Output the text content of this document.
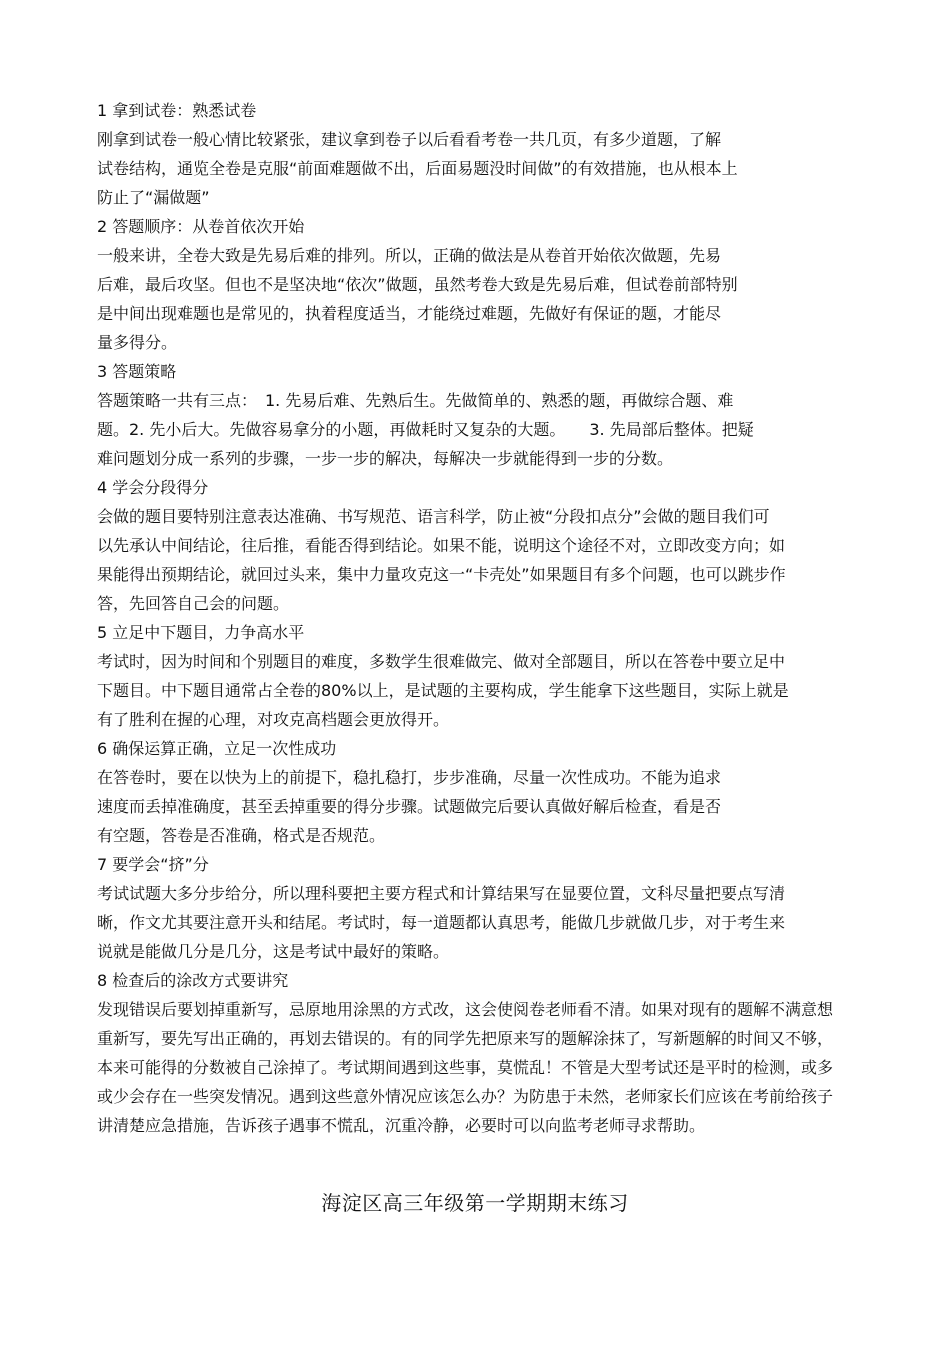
1 拿到试卷：熟悉试卷
刚拿到试卷一般心情比较紧张，建议拿到卷子以后看看考卷一共几页，有多少道题，了解
试卷结构，通览全卷是克服“前面难题做不出，后面易题没时间做”的有效措施，也从根本上
防止了“漏做题”
2 答题顺序：从卷首依次开始
一般来讲，全卷大致是先易后难的排列。所以，正确的做法是从卷首开始依次做题，先易
后难，最后攻坚。但也不是坚决地“依次”做题，虽然考卷大致是先易后难，但试卷前部特别
是中间出现难题也是常见的，执着程度适当，才能绕过难题，先做好有保证的题，才能尽
量多得分。
3 答题策略
答题策略一共有三点：　1. 先易后难、先熟后生。先做简单的、熟悉的题，再做综合题、难
题。2. 先小后大。先做容易拿分的小题，再做耗时又复杂的大题。　　3. 先局部后整体。把疑
难问题划分成一系列的步骤，一步一步的解决，每解决一步就能得到一步的分数。
4 学会分段得分
会做的题目要特别注意表达准确、书写规范、语言科学，防止被“分段扣点分”会做的题目我们可
以先承认中间结论，往后推，看能否得到结论。如果不能，说明这个途径不对，立即改变方向；如
果能得出预期结论，就回过头来，集中力量攻克这一“卡壳处”如果题目有多个问题，也可以跳步作
答，先回答自己会的问题。
5 立足中下题目，力争高水平
考试时，因为时间和个别题目的难度，多数学生很难做完、做对全部题目，所以在答卷中要立足中
下题目。中下题目通常占全卷的80%以上，是试题的主要构成，学生能拿下这些题目，实际上就是
有了胜利在握的心理，对攻克高档题会更放得开。
6 确保运算正确，立足一次性成功
在答卷时，要在以快为上的前提下，稳扎稳打，步步准确，尽量一次性成功。不能为追求
速度而丢掉准确度，甚至丢掉重要的得分步骤。试题做完后要认真做好解后检查，看是否
有空题，答卷是否准确，格式是否规范。
7 要学会“挤”分
考试试题大多分步给分，所以理科要把主要方程式和计算结果写在显要位置，文科尽量把要点写清
晰，作文尤其要注意开头和结尾。考试时，每一道题都认真思考，能做几步就做几步，对于考生来
说就是能做几分是几分，这是考试中最好的策略。
8 检查后的涂改方式要讲究
发现错误后要划掉重新写，忌原地用涂黑的方式改，这会使阅卷老师看不清。如果对现有的题解不满意想
重新写，要先写出正确的，再划去错误的。有的同学先把原来写的题解涂抹了，写新题解的时间又不够，
本来可能得的分数被自己涂掉了。考试期间遇到这些事，莫慌乱！不管是大型考试还是平时的检测，或多
或少会存在一些突发情况。遇到这些意外情况应该怎么办？为防患于未然，老师家长们应该在考前给孩子
讲清楚应急措施，告诉孩子遇事不慌乱，沉重冷静，必要时可以向监考老师寻求帮助。
海淀区高三年级第一学期期末练习
